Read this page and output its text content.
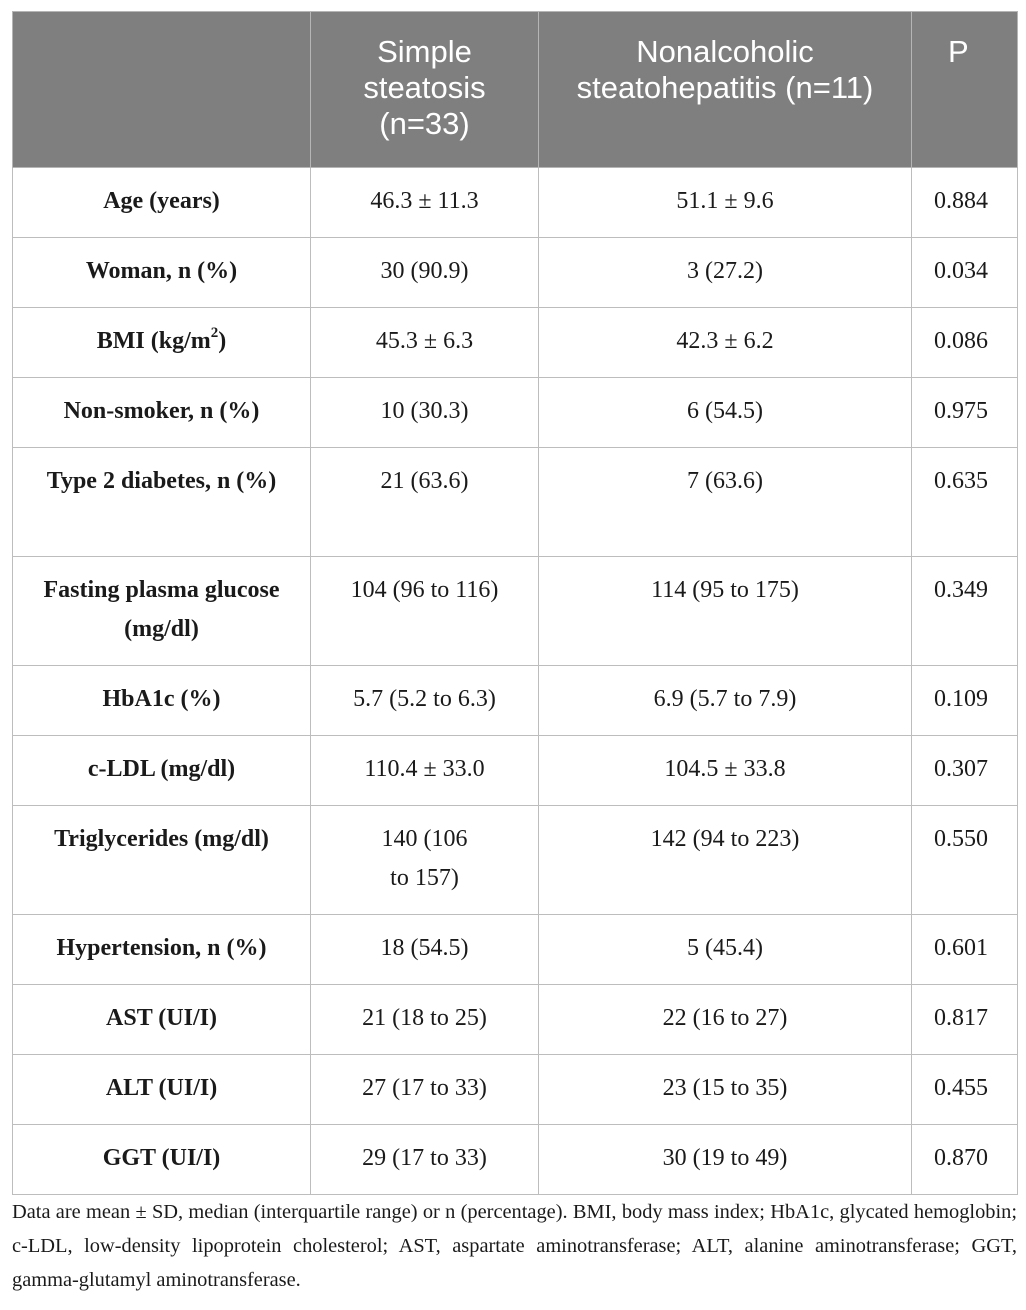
	Simple steatosis (n=33)	Nonalcoholic steatohepatitis (n=11)	P

Age (years)	46.3 ± 11.3	51.1 ± 9.6	0.884
Woman, n (%)	30 (90.9)	3 (27.2)	0.034
BMI $(kg/m^2)$	45.3 ± 6.3	42.3 ± 6.2	0.086
Non-smoker, n (%)	10 (30.3)	6 (54.5)	0.975
Type 2 diabetes, n (%)	21 (63.6)	7 (63.6)	0.635
Fasting plasma glucose (mg/dl)	104 (96 to 116)	114 (95 to 175)	0.349
HbA1c (%)	5.7 (5.2 to 6.3)	6.9 (5.7 to 7.9)	0.109
c-LDL (mg/dl)	110.4 ± 33.0	104.5 ± 33.8	0.307
Triglycerides (mg/dl)	140 (106 to 157)	142 (94 to 223)	0.550
Hypertension, n (%)	18 (54.5)	5 (45.4)	0.601
AST (UI/I)	21 (18 to 25)	22 (16 to 27)	0.817
ALT (UI/I)	27 (17 to 33)	23 (15 to 35)	0.455
GGT (UI/I)	29 (17 to 33)	30 (19 to 49)	0.870
Data are mean ± SD, median (interquartile range) or n (percentage). BMI, body mass index; HbA1c, glycated hemoglobin; c-LDL, low-density lipoprotein cholesterol; AST, aspartate aminotransferase; ALT, alanine aminotransferase; GGT, gamma-glutamyl aminotransferase.
